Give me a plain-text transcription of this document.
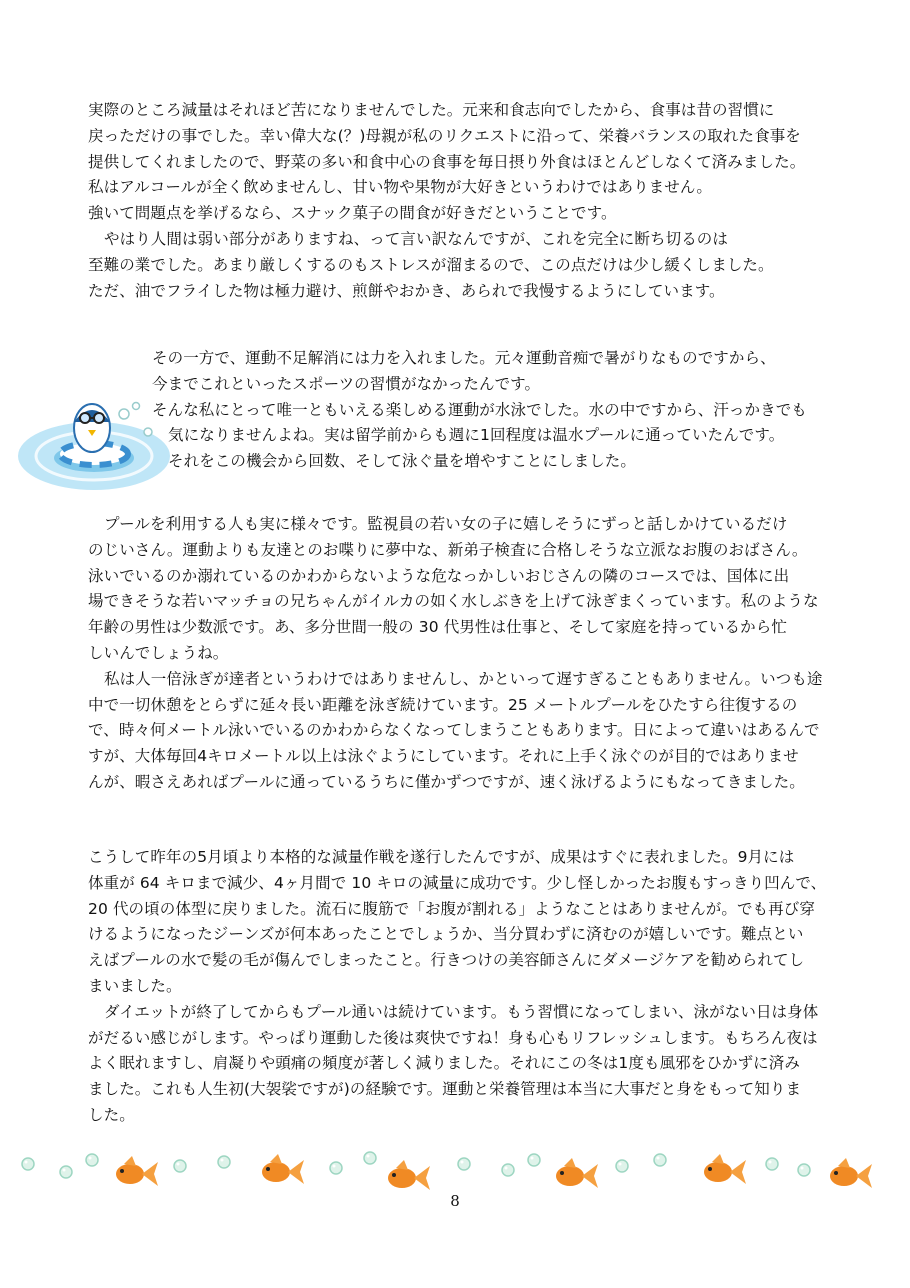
実際のところ減量はそれほど苦になりませんでした。元来和食志向でしたから、食事は昔の習慣に
戻っただけの事でした。幸い偉大な(？)母親が私のリクエストに沿って、栄養バランスの取れた食事を
提供してくれましたので、野菜の多い和食中心の食事を毎日摂り外食はほとんどしなくて済みました。
私はアルコールが全く飲めませんし、甘い物や果物が大好きというわけではありません。
強いて問題点を挙げるなら、スナック菓子の間食が好きだということです。
やはり人間は弱い部分がありますね、って言い訳なんですが、これを完全に断ち切るのは
至難の業でした。あまり厳しくするのもストレスが溜まるので、この点だけは少し緩くしました。
ただ、油でフライした物は極力避け、煎餅やおかき、あられで我慢するようにしています。
その一方で、運動不足解消には力を入れました。元々運動音痴で暑がりなものですから、
今までこれといったスポーツの習慣がなかったんです。
そんな私にとって唯一ともいえる楽しめる運動が水泳でした。水の中ですから、汗っかきでも
気になりませんよね。実は留学前からも週に1回程度は温水プールに通っていたんです。
それをこの機会から回数、そして泳ぐ量を増やすことにしました。
プールを利用する人も実に様々です。監視員の若い女の子に嬉しそうにずっと話しかけているだけ
のじいさん。運動よりも友達とのお喋りに夢中な、新弟子検査に合格しそうな立派なお腹のおばさん。
泳いでいるのか溺れているのかわからないような危なっかしいおじさんの隣のコースでは、国体に出
場できそうな若いマッチョの兄ちゃんがイルカの如く水しぶきを上げて泳ぎまくっています。私のような
年齢の男性は少数派です。あ、多分世間一般の 30 代男性は仕事と、そして家庭を持っているから忙
しいんでしょうね。
私は人一倍泳ぎが達者というわけではありませんし、かといって遅すぎることもありません。いつも途
中で一切休憩をとらずに延々長い距離を泳ぎ続けています。25 メートルプールをひたすら往復するの
で、時々何メートル泳いでいるのかわからなくなってしまうこともあります。日によって違いはあるんで
すが、大体毎回4キロメートル以上は泳ぐようにしています。それに上手く泳ぐのが目的ではありませ
んが、暇さえあればプールに通っているうちに僅かずつですが、速く泳げるようにもなってきました。
こうして昨年の5月頃より本格的な減量作戦を遂行したんですが、成果はすぐに表れました。9月には
体重が 64 キロまで減少、4ヶ月間で 10 キロの減量に成功です。少し怪しかったお腹もすっきり凹んで、
20 代の頃の体型に戻りました。流石に腹筋で「お腹が割れる」ようなことはありませんが。でも再び穿
けるようになったジーンズが何本あったことでしょうか、当分買わずに済むのが嬉しいです。難点とい
えばプールの水で髪の毛が傷んでしまったこと。行きつけの美容師さんにダメージケアを勧められてし
まいました。
ダイエットが終了してからもプール通いは続けています。もう習慣になってしまい、泳がない日は身体
がだるい感じがします。やっぱり運動した後は爽快ですね！身も心もリフレッシュします。もちろん夜は
よく眠れますし、肩凝りや頭痛の頻度が著しく減りました。それにこの冬は1度も風邪をひかずに済み
ました。これも人生初(大袈裟ですが)の経験です。運動と栄養管理は本当に大事だと身をもって知りま
した。
8
